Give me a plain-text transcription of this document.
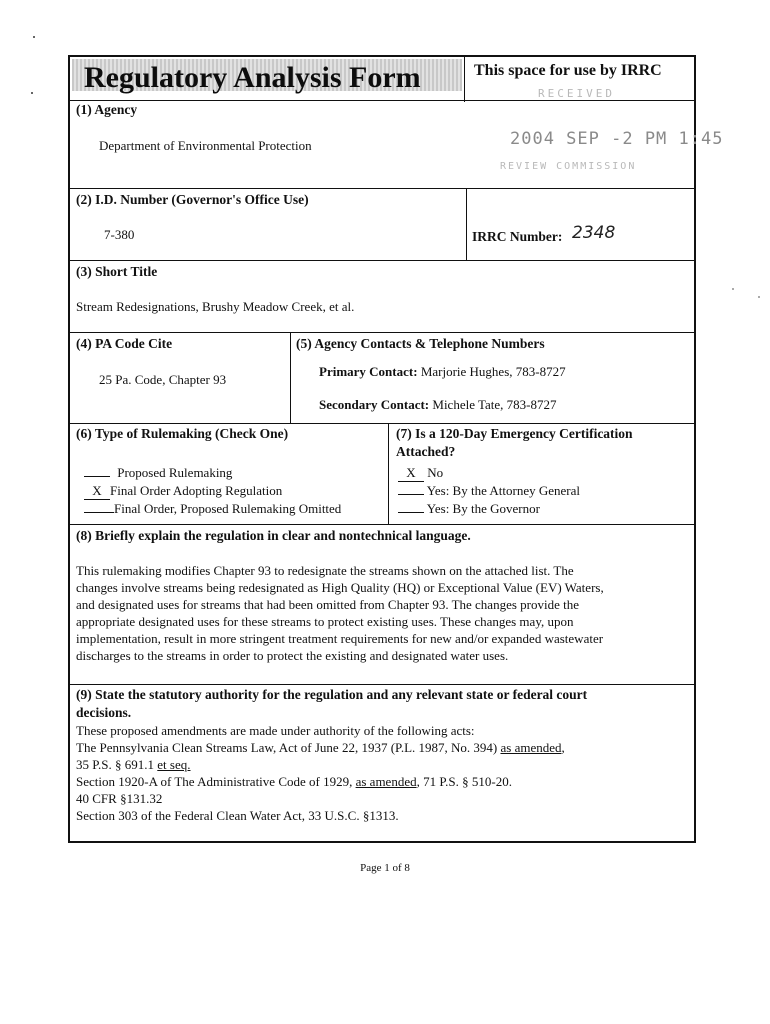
Regulatory Analysis Form	This space for use by IRRC
RECEIVED
2004 SEP -2 PM 1:45
REVIEW COMMISSION
(1) Agency
Department of Environmental Protection
(2) I.D. Number (Governor's Office Use)
7-380	IRRC Number: 2348
(3) Short Title
Stream Redesignations, Brushy Meadow Creek, et al.
(4) PA Code Cite
25 Pa. Code, Chapter 93
(5) Agency Contacts & Telephone Numbers
Primary Contact: Marjorie Hughes, 783-8727
Secondary Contact: Michele Tate, 783-8727
(6) Type of Rulemaking (Check One)
Proposed Rulemaking
X Final Order Adopting Regulation
Final Order, Proposed Rulemaking Omitted
(7) Is a 120-Day Emergency Certification
Attached?
X No
Yes: By the Attorney General
Yes: By the Governor
(8) Briefly explain the regulation in clear and nontechnical language.
This rulemaking modifies Chapter 93 to redesignate the streams shown on the attached list. The
changes involve streams being redesignated as High Quality (HQ) or Exceptional Value (EV) Waters,
and designated uses for streams that had been omitted from Chapter 93. The changes provide the
appropriate designated uses for these streams to protect existing uses. These changes may, upon
implementation, result in more stringent treatment requirements for new and/or expanded wastewater
discharges to the streams in order to protect the existing and designated water uses.
(9) State the statutory authority for the regulation and any relevant state or federal court
decisions.
These proposed amendments are made under authority of the following acts:
The Pennsylvania Clean Streams Law, Act of June 22, 1937 (P.L. 1987, No. 394) as amended,
35 P.S. § 691.1 et seq.
Section 1920-A of The Administrative Code of 1929, as amended, 71 P.S. § 510-20.
40 CFR §131.32
Section 303 of the Federal Clean Water Act, 33 U.S.C. §1313.
Page 1 of 8
